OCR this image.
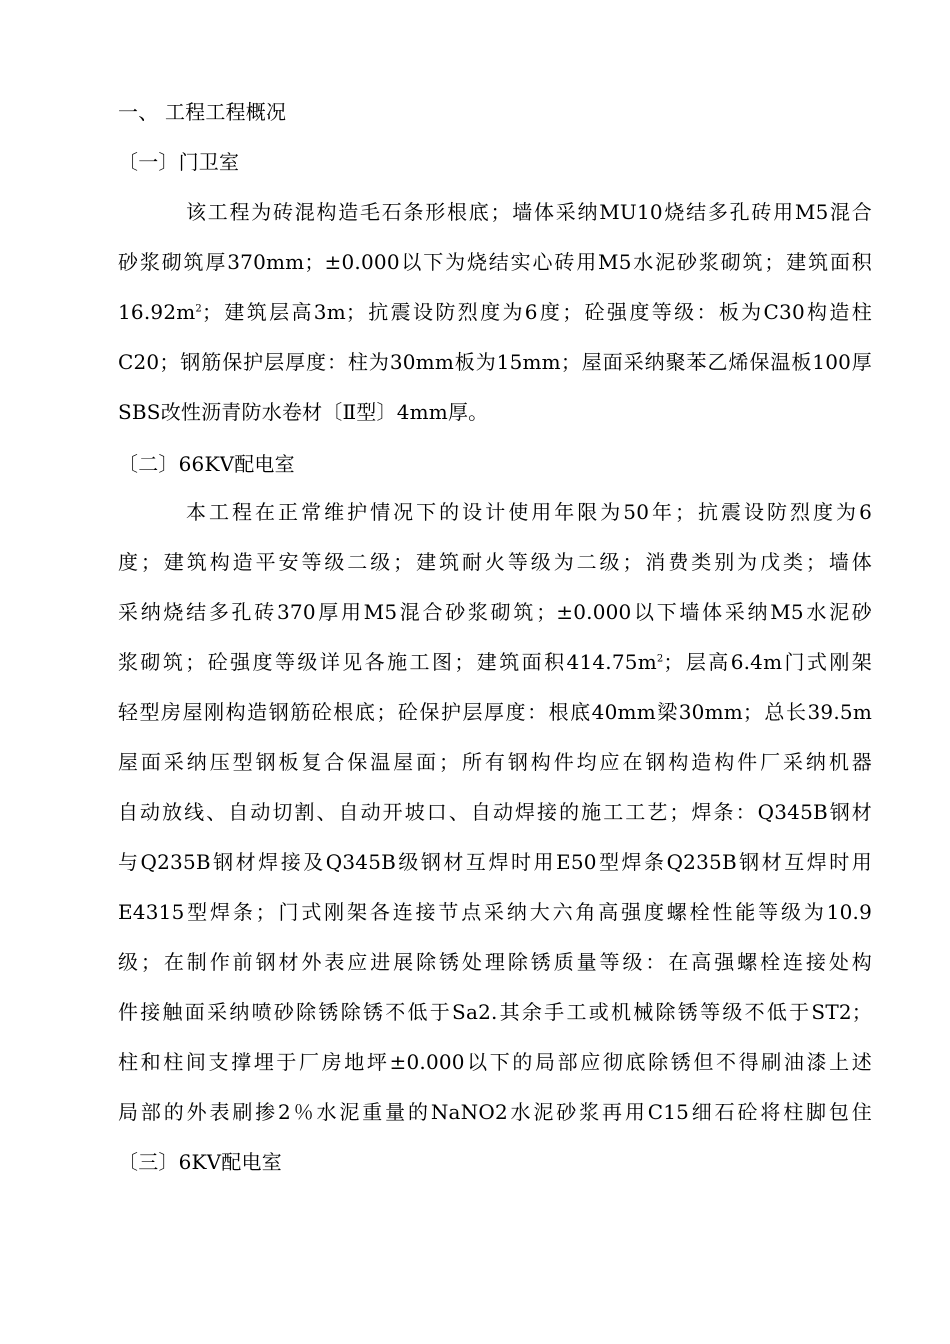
一、 工程工程概况
〔一〕门卫室
该工程为砖混构造毛石条形根底；墙体采纳MU10烧结多孔砖用M5混合
砂浆砌筑厚370mm；±0.000以下为烧结实心砖用M5水泥砂浆砌筑；建筑面积
$16.92m^2$；建筑层高3m；抗震设防烈度为6度；砼强度等级：板为C30构造柱
C20；钢筋保护层厚度：柱为30mm板为15mm；屋面采纳聚苯乙烯保温板100厚
SBS改性沥青防水卷材〔Ⅱ型〕4mm厚。
〔二〕66KV配电室
本工程在正常维护情况下的设计使用年限为50年；抗震设防烈度为6
度；建筑构造平安等级二级；建筑耐火等级为二级；消费类别为戊类；墙体
采纳烧结多孔砖370厚用M5混合砂浆砌筑；±0.000以下墙体采纳M5水泥砂
浆砌筑；砼强度等级详见各施工图；建筑面积$414.75m^2$；层高6.4m门式刚架
轻型房屋刚构造钢筋砼根底；砼保护层厚度：根底40mm梁30mm；总长39.5m
屋面采纳压型钢板复合保温屋面；所有钢构件均应在钢构造构件厂采纳机器
自动放线、自动切割、自动开坡口、自动焊接的施工工艺；焊条：Q345B钢材
与Q235B钢材焊接及Q345B级钢材互焊时用E50型焊条Q235B钢材互焊时用
E4315型焊条；门式刚架各连接节点采纳大六角高强度螺栓性能等级为10.9
级；在制作前钢材外表应进展除锈处理除锈质量等级：在高强螺栓连接处构
件接触面采纳喷砂除锈除锈不低于Sa2.其余手工或机械除锈等级不低于ST2；
柱和柱间支撑埋于厂房地坪±0.000以下的局部应彻底除锈但不得刷油漆上述
局部的外表刷掺2％水泥重量的NaNO2水泥砂浆再用C15细石砼将柱脚包住
〔三〕6KV配电室
